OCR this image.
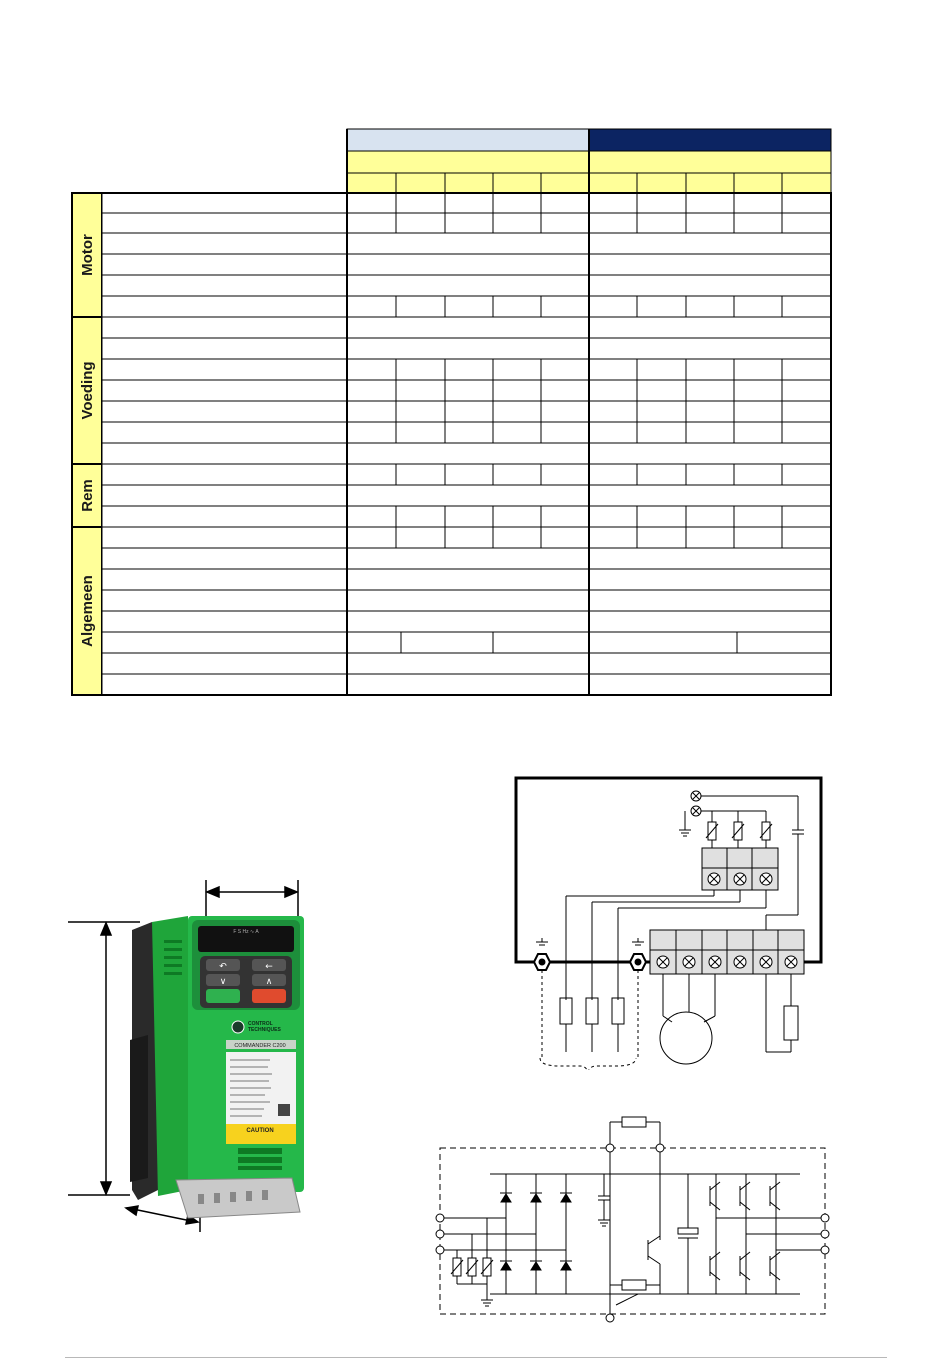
Motor
Voeding
Rem
Algemeen
F S Hz ∿ A
↶	←
∨	∧
CONTROL
TECHNIQUES
COMMANDER C200
CAUTION
